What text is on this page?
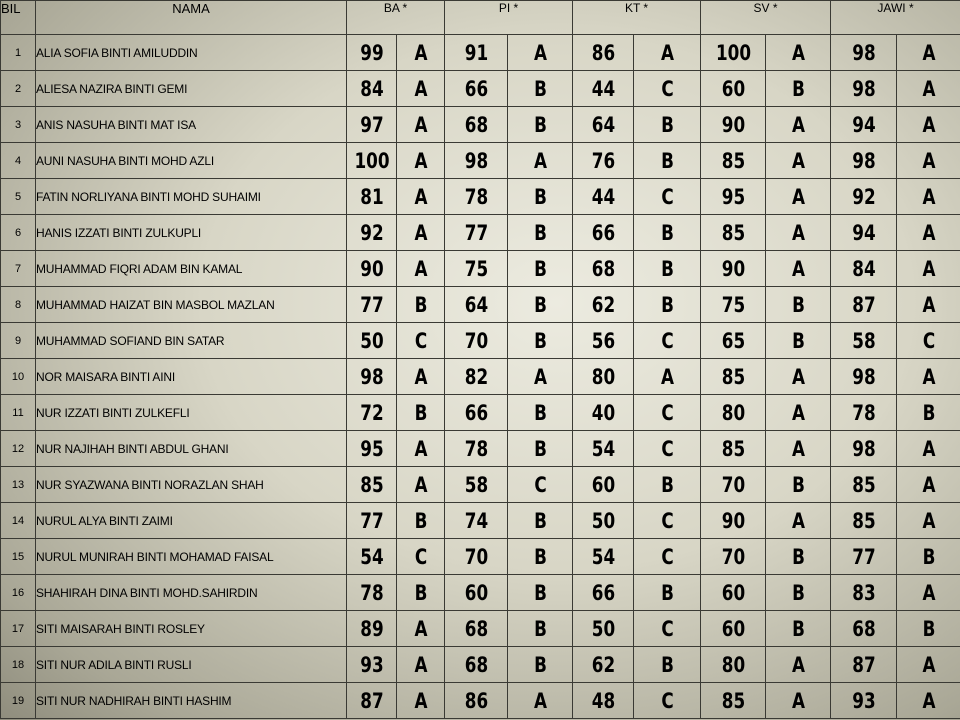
BIL	NAMA	BA *		PI *		KT *		SV *		JAWI *	
1	ALIA SOFIA BINTI AMILUDDIN	99	A	91	A	86	A	100	A	98	A
2	ALIESA NAZIRA BINTI GEMI	84	A	66	B	44	C	60	B	98	A
3	ANIS NASUHA BINTI MAT ISA	97	A	68	B	64	B	90	A	94	A
4	AUNI NASUHA BINTI MOHD AZLI	100	A	98	A	76	B	85	A	98	A
5	FATIN NORLIYANA BINTI MOHD SUHAIMI	81	A	78	B	44	C	95	A	92	A
6	HANIS IZZATI BINTI ZULKUPLI	92	A	77	B	66	B	85	A	94	A
7	MUHAMMAD FIQRI ADAM BIN KAMAL	90	A	75	B	68	B	90	A	84	A
8	MUHAMMAD HAIZAT BIN MASBOL MAZLAN	77	B	64	B	62	B	75	B	87	A
9	MUHAMMAD SOFIAND BIN SATAR	50	C	70	B	56	C	65	B	58	C
10	NOR MAISARA BINTI AINI	98	A	82	A	80	A	85	A	98	A
11	NUR IZZATI BINTI ZULKEFLI	72	B	66	B	40	C	80	A	78	B
12	NUR NAJIHAH BINTI ABDUL GHANI	95	A	78	B	54	C	85	A	98	A
13	NUR SYAZWANA BINTI NORAZLAN SHAH	85	A	58	C	60	B	70	B	85	A
14	NURUL ALYA BINTI ZAIMI	77	B	74	B	50	C	90	A	85	A
15	NURUL MUNIRAH BINTI MOHAMAD FAISAL	54	C	70	B	54	C	70	B	77	B
16	SHAHIRAH DINA BINTI MOHD.SAHIRDIN	78	B	60	B	66	B	60	B	83	A
17	SITI MAISARAH BINTI ROSLEY	89	A	68	B	50	C	60	B	68	B
18	SITI NUR ADILA BINTI RUSLI	93	A	68	B	62	B	80	A	87	A
19	SITI NUR NADHIRAH BINTI HASHIM	87	A	86	A	48	C	85	A	93	A
